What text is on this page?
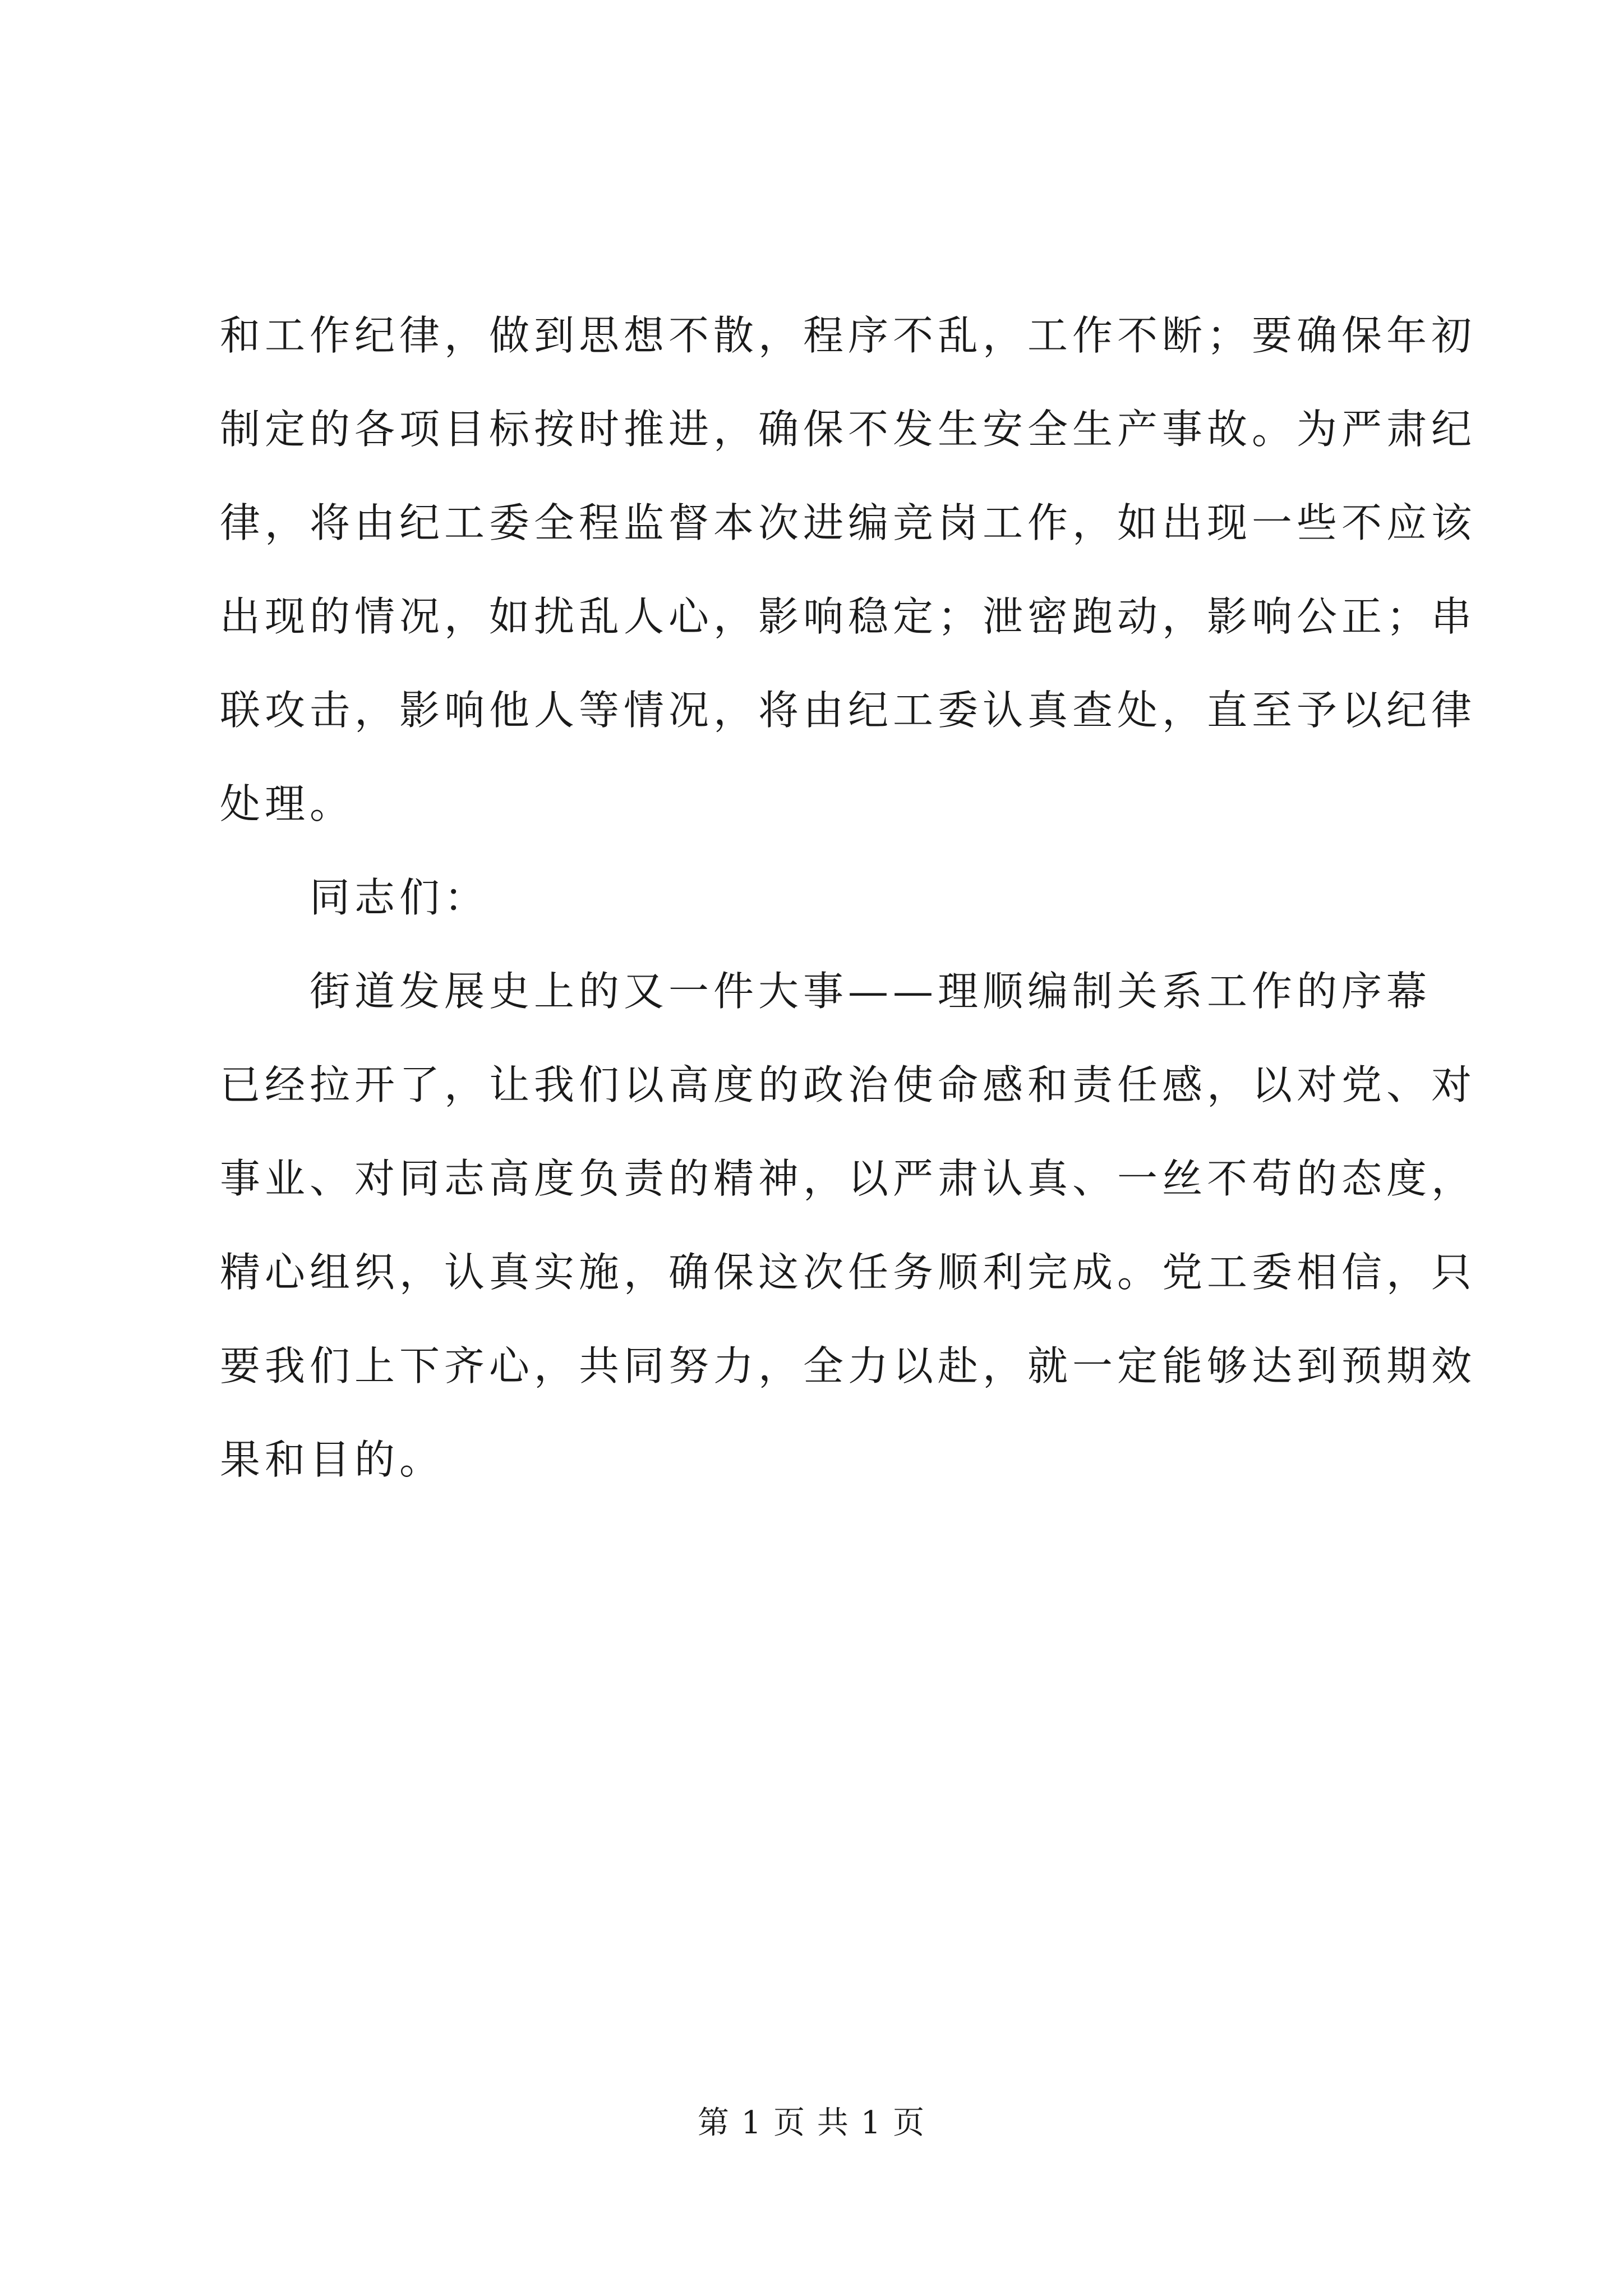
和工作纪律，做到思想不散，程序不乱，工作不断；要确保年初
制定的各项目标按时推进，确保不发生安全生产事故。为严肃纪
律，将由纪工委全程监督本次进编竞岗工作，如出现一些不应该
出现的情况，如扰乱人心，影响稳定；泄密跑动，影响公正；串
联攻击，影响他人等情况，将由纪工委认真查处，直至予以纪律
处理。
同志们：
街道发展史上的又一件大事——理顺编制关系工作的序幕
已经拉开了，让我们以高度的政治使命感和责任感，以对党、对
事业、对同志高度负责的精神，以严肃认真、一丝不苟的态度，
精心组织，认真实施，确保这次任务顺利完成。党工委相信，只
要我们上下齐心，共同努力，全力以赴，就一定能够达到预期效
果和目的。
第 1 页 共 1 页
